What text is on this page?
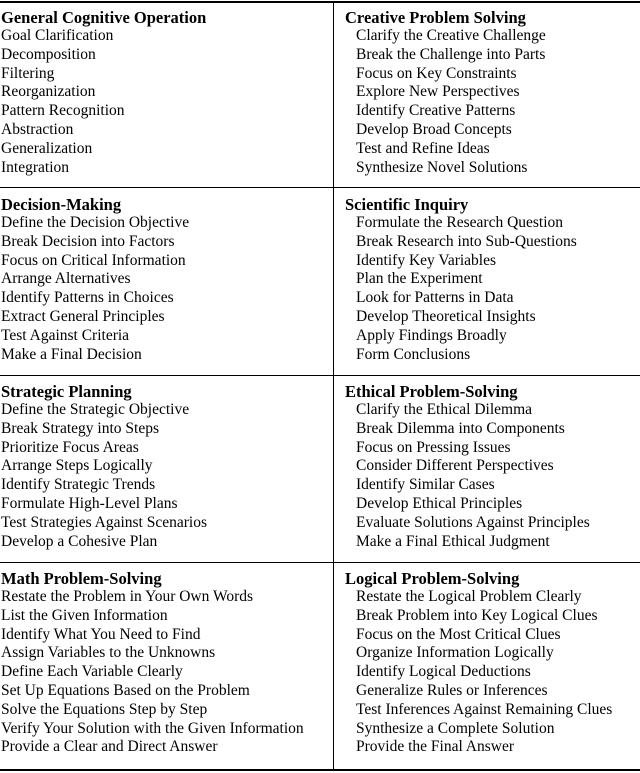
General Cognitive Operation
Goal Clarification
Decomposition
Filtering
Reorganization
Pattern Recognition
Abstraction
Generalization
Integration
Creative Problem Solving
Clarify the Creative Challenge
Break the Challenge into Parts
Focus on Key Constraints
Explore New Perspectives
Identify Creative Patterns
Develop Broad Concepts
Test and Refine Ideas
Synthesize Novel Solutions
Decision-Making
Define the Decision Objective
Break Decision into Factors
Focus on Critical Information
Arrange Alternatives
Identify Patterns in Choices
Extract General Principles
Test Against Criteria
Make a Final Decision
Scientific Inquiry
Formulate the Research Question
Break Research into Sub-Questions
Identify Key Variables
Plan the Experiment
Look for Patterns in Data
Develop Theoretical Insights
Apply Findings Broadly
Form Conclusions
Strategic Planning
Define the Strategic Objective
Break Strategy into Steps
Prioritize Focus Areas
Arrange Steps Logically
Identify Strategic Trends
Formulate High-Level Plans
Test Strategies Against Scenarios
Develop a Cohesive Plan
Ethical Problem-Solving
Clarify the Ethical Dilemma
Break Dilemma into Components
Focus on Pressing Issues
Consider Different Perspectives
Identify Similar Cases
Develop Ethical Principles
Evaluate Solutions Against Principles
Make a Final Ethical Judgment
Math Problem-Solving
Restate the Problem in Your Own Words
List the Given Information
Identify What You Need to Find
Assign Variables to the Unknowns
Define Each Variable Clearly
Set Up Equations Based on the Problem
Solve the Equations Step by Step
Verify Your Solution with the Given Information
Provide a Clear and Direct Answer
Logical Problem-Solving
Restate the Logical Problem Clearly
Break Problem into Key Logical Clues
Focus on the Most Critical Clues
Organize Information Logically
Identify Logical Deductions
Generalize Rules or Inferences
Test Inferences Against Remaining Clues
Synthesize a Complete Solution
Provide the Final Answer
